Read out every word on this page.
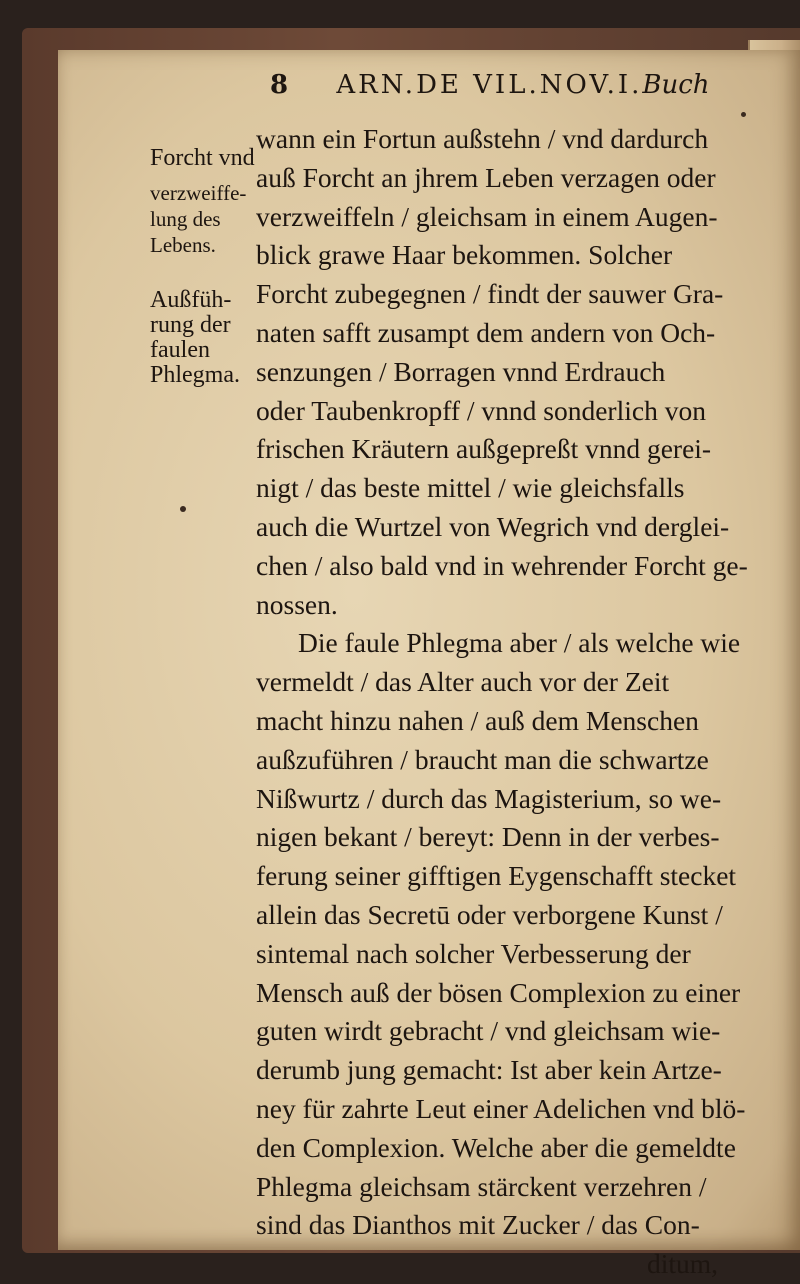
8 ARN.DE VIL.NOV.I.Buch
Forcht vnd
verzweiffe-
lung des
Lebens.
Außfüh-
rung der
faulen
Phlegma.
wann ein Fortun außstehn / vnd dardurch
auß Forcht an jhrem Leben verzagen oder
verzweiffeln / gleichsam in einem Augen-
blick grawe Haar bekommen. Solcher
Forcht zubegegnen / findt der sauwer Gra-
naten safft zusampt dem andern von Och-
senzungen / Borragen vnnd Erdrauch
oder Taubenkropff / vnnd sonderlich von
frischen Kräutern außgepreßt vnnd gerei-
nigt / das beste mittel / wie gleichsfalls
auch die Wurtzel von Wegrich vnd derglei-
chen / also bald vnd in wehrender Forcht ge-
nossen.
Die faule Phlegma aber / als welche wie
vermeldt / das Alter auch vor der Zeit
macht hinzu nahen / auß dem Menschen
außzuführen / braucht man die schwartze
Nißwurtz / durch das Magisterium, so we-
nigen bekant / bereyt: Denn in der verbes-
ferung seiner gifftigen Eygenschafft stecket
allein das Secretū oder verborgene Kunst /
sintemal nach solcher Verbesserung der
Mensch auß der bösen Complexion zu einer
guten wirdt gebracht / vnd gleichsam wie-
derumb jung gemacht: Ist aber kein Artze-
ney für zahrte Leut einer Adelichen vnd blö-
den Complexion. Welche aber die gemeldte
Phlegma gleichsam stärckent verzehren /
sind das Dianthos mit Zucker / das Con-
ditum,
